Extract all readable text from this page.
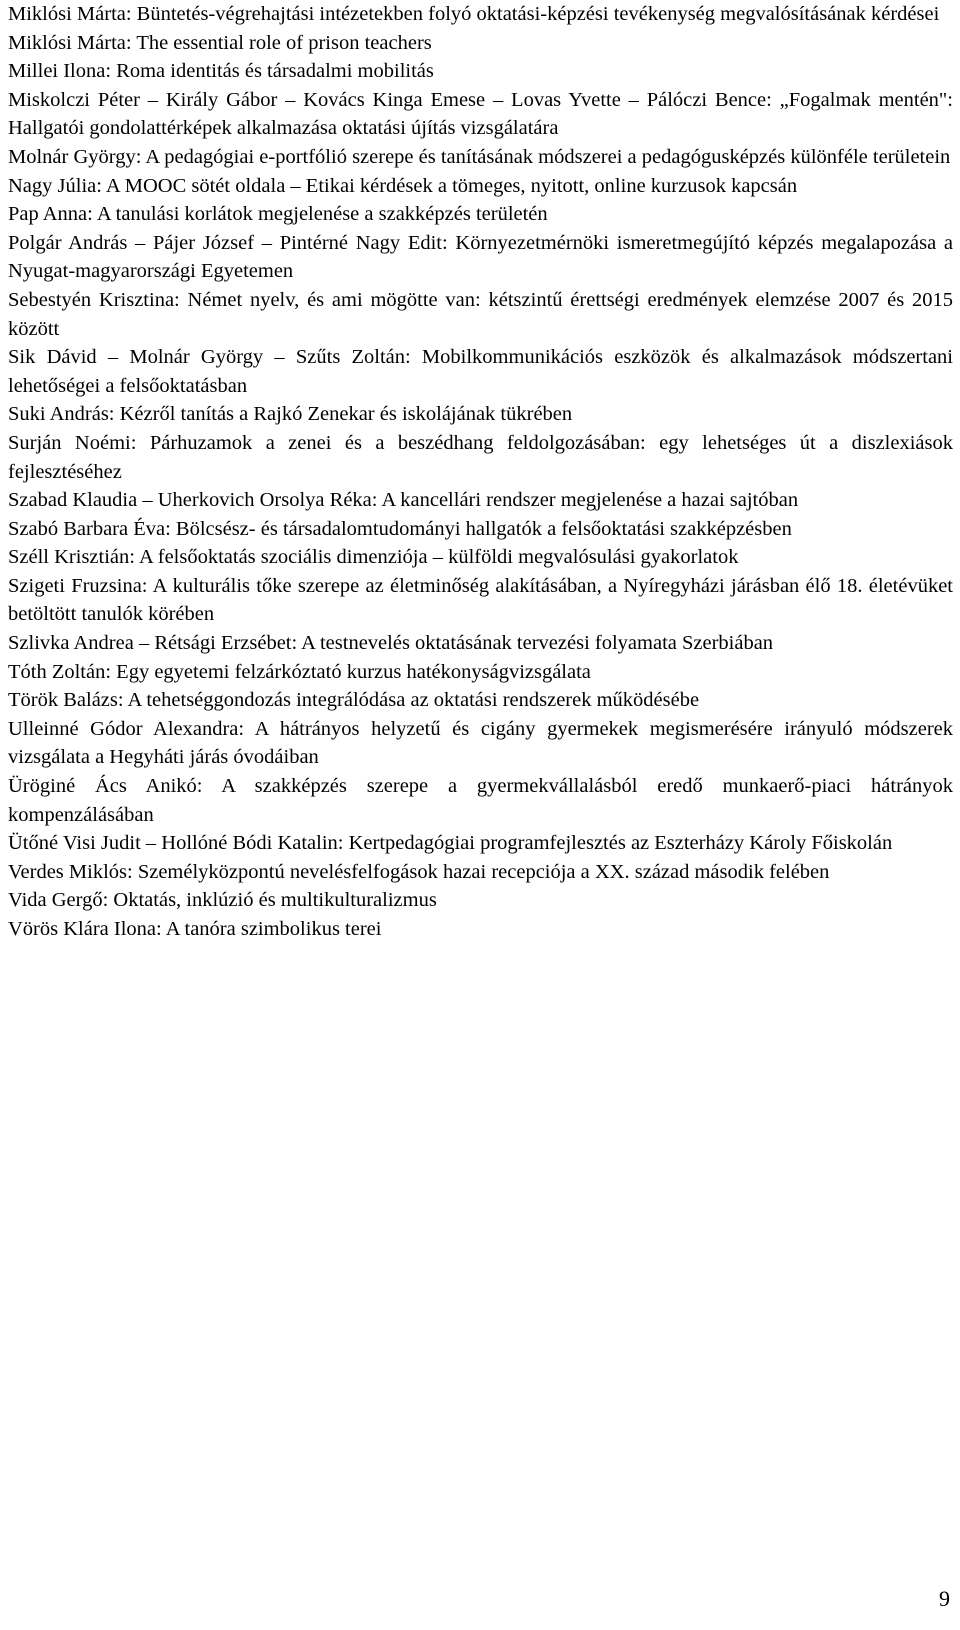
Miklósi Márta: Büntetés-végrehajtási intézetekben folyó oktatási-képzési tevékenység megvalósításának kérdései

Miklósi Márta: The essential role of prison teachers

Millei Ilona: Roma identitás és társadalmi mobilitás

Miskolczi Péter – Király Gábor – Kovács Kinga Emese – Lovas Yvette – Pálóczi Bence: „Fogalmak mentén": Hallgatói gondolattérképek alkalmazása oktatási újítás vizsgálatára

Molnár György: A pedagógiai e-portfólió szerepe és tanításának módszerei a pedagógusképzés különféle területein

Nagy Júlia: A MOOC sötét oldala – Etikai kérdések a tömeges, nyitott, online kurzusok kapcsán

Pap Anna: A tanulási korlátok megjelenése a szakképzés területén

Polgár András – Pájer József – Pintérné Nagy Edit: Környezetmérnöki ismeretmegújító képzés megalapozása a Nyugat-magyarországi Egyetemen

Sebestyén Krisztina: Német nyelv, és ami mögötte van: kétszintű érettségi eredmények elemzése 2007 és 2015 között

Sik Dávid – Molnár György – Szűts Zoltán: Mobilkommunikációs eszközök és alkalmazások módszertani lehetőségei a felsőoktatásban

Suki András: Kézről tanítás a Rajkó Zenekar és iskolájának tükrében

Surján Noémi: Párhuzamok a zenei és a beszédhang feldolgozásában: egy lehetséges út a diszlexiások fejlesztéséhez

Szabad Klaudia – Uherkovich Orsolya Réka: A kancellári rendszer megjelenése a hazai sajtóban

Szabó Barbara Éva: Bölcsész- és társadalomtudományi hallgatók a felsőoktatási szakképzésben

Széll Krisztián: A felsőoktatás szociális dimenziója – külföldi megvalósulási gyakorlatok

Szigeti Fruzsina: A kulturális tőke szerepe az életminőség alakításában, a Nyíregyházi járásban élő 18. életévüket betöltött tanulók körében

Szlivka Andrea – Rétsági Erzsébet: A testnevelés oktatásának tervezési folyamata Szerbiában

Tóth Zoltán: Egy egyetemi felzárkóztató kurzus hatékonyságvizsgálata

Török Balázs: A tehetséggondozás integrálódása az oktatási rendszerek működésébe

Ulleinné Gódor Alexandra: A hátrányos helyzetű és cigány gyermekek megismerésére irányuló módszerek vizsgálata a Hegyháti járás óvodáiban

Üröginé Ács Anikó: A szakképzés szerepe a gyermekvállalásból eredő munkaerő-piaci hátrányok kompenzálásában

Ütőné Visi Judit – Hollóné Bódi Katalin: Kertpedagógiai programfejlesztés az Eszterházy Károly Főiskolán

Verdes Miklós: Személyközpontú nevelésfelfogások hazai recepciója a XX. század második felében

Vida Gergő: Oktatás, inklúzió és multikulturalizmus

Vörös Klára Ilona: A tanóra szimbolikus terei

9
